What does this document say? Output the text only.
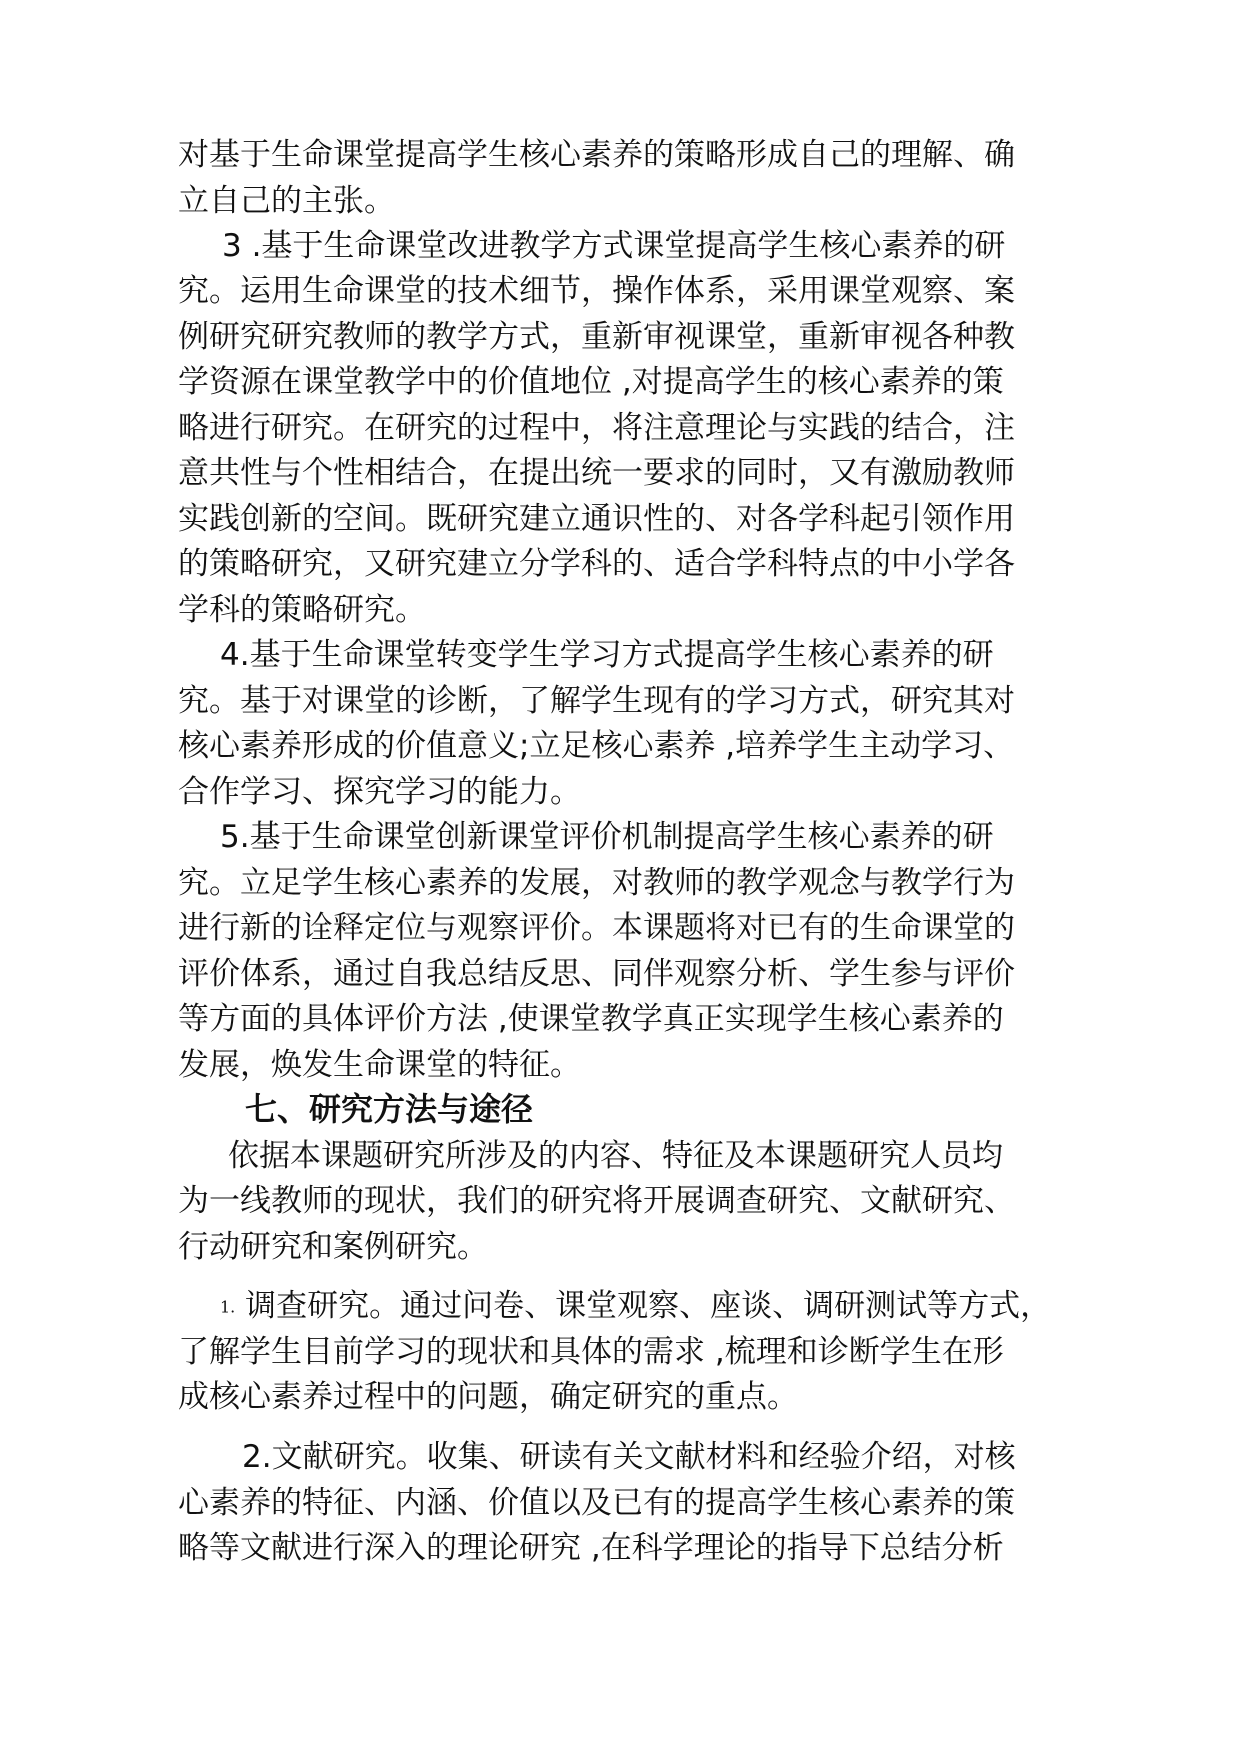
对基于生命课堂提高学生核心素养的策略形成自己的理解、确
立自己的主张。
3 .基于生命课堂改进教学方式课堂提高学生核心素养的研
究。运用生命课堂的技术细节，操作体系，采用课堂观察、案
例研究研究教师的教学方式，重新审视课堂，重新审视各种教
学资源在课堂教学中的价值地位 ,对提高学生的核心素养的策
略进行研究。在研究的过程中，将注意理论与实践的结合，注
意共性与个性相结合，在提出统一要求的同时，又有激励教师
实践创新的空间。既研究建立通识性的、对各学科起引领作用
的策略研究，又研究建立分学科的、适合学科特点的中小学各
学科的策略研究。
4.基于生命课堂转变学生学习方式提高学生核心素养的研
究。基于对课堂的诊断，了解学生现有的学习方式，研究其对
核心素养形成的价值意义;立足核心素养 ,培养学生主动学习、
合作学习、探究学习的能力。
5.基于生命课堂创新课堂评价机制提高学生核心素养的研
究。立足学生核心素养的发展，对教师的教学观念与教学行为
进行新的诠释定位与观察评价。本课题将对已有的生命课堂的
评价体系，通过自我总结反思、同伴观察分析、学生参与评价
等方面的具体评价方法 ,使课堂教学真正实现学生核心素养的
发展，焕发生命课堂的特征。
七、研究方法与途径
依据本课题研究所涉及的内容、特征及本课题研究人员均
为一线教师的现状，我们的研究将开展调查研究、文献研究、
行动研究和案例研究。
1. 调查研究。通过问卷、课堂观察、座谈、调研测试等方式，
了解学生目前学习的现状和具体的需求 ,梳理和诊断学生在形
成核心素养过程中的问题，确定研究的重点。
2.文献研究。收集、研读有关文献材料和经验介绍，对核
心素养的特征、内涵、价值以及已有的提高学生核心素养的策
略等文献进行深入的理论研究 ,在科学理论的指导下总结分析
